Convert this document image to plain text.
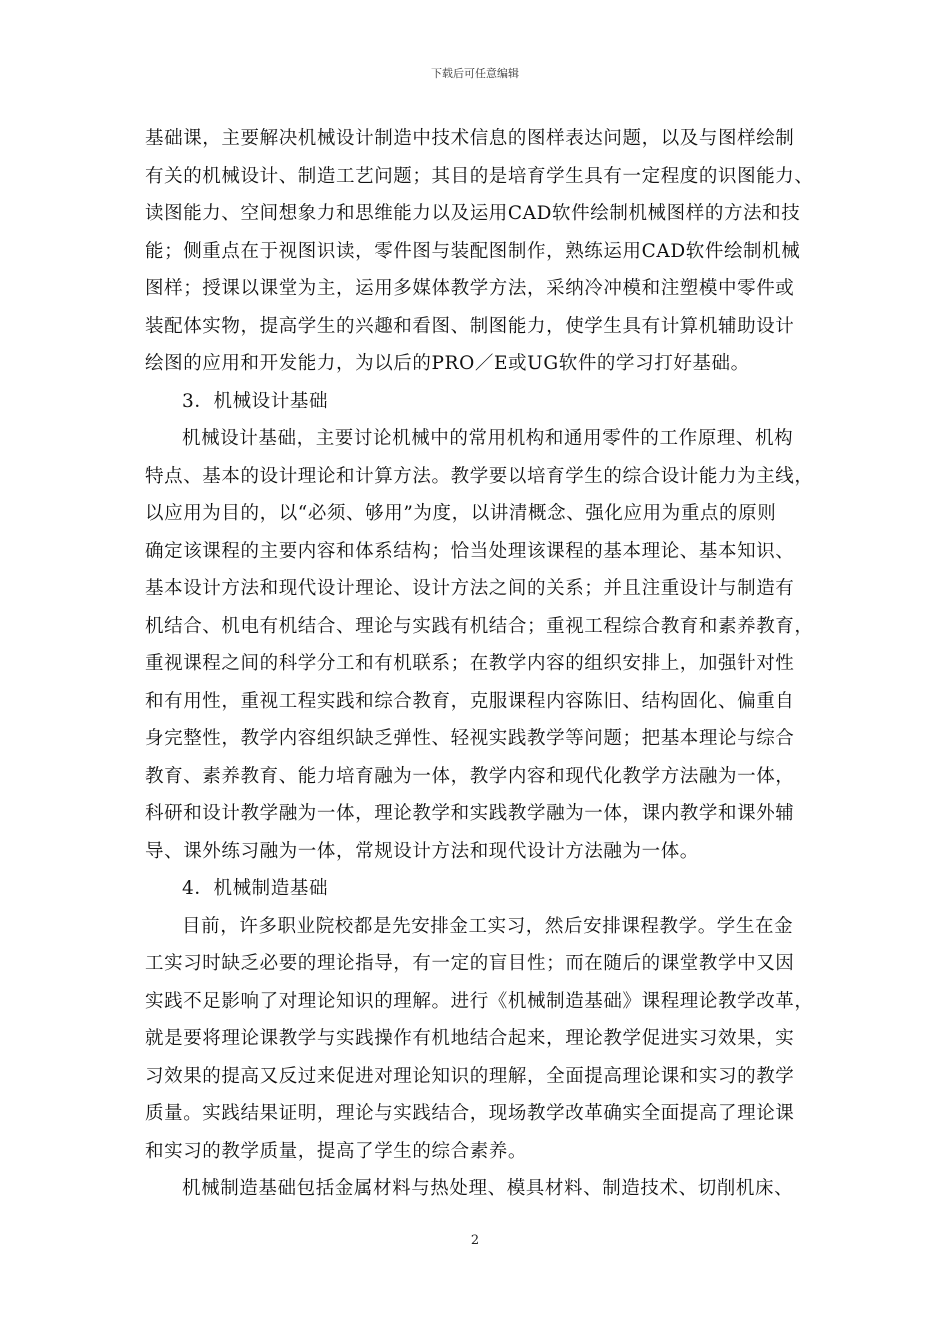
下载后可任意编辑
基础课，主要解决机械设计制造中技术信息的图样表达问题，以及与图样绘制
有关的机械设计、制造工艺问题；其目的是培育学生具有一定程度的识图能力、
读图能力、空间想象力和思维能力以及运用CAD软件绘制机械图样的方法和技
能；侧重点在于视图识读，零件图与装配图制作，熟练运用CAD软件绘制机械
图样；授课以课堂为主，运用多媒体教学方法，采纳冷冲模和注塑模中零件或
装配体实物，提高学生的兴趣和看图、制图能力，使学生具有计算机辅助设计
绘图的应用和开发能力，为以后的PRO／E或UG软件的学习打好基础。
3．机械设计基础
机械设计基础，主要讨论机械中的常用机构和通用零件的工作原理、机构
特点、基本的设计理论和计算方法。教学要以培育学生的综合设计能力为主线，
以应用为目的，以“必须、够用”为度，以讲清概念、强化应用为重点的原则
确定该课程的主要内容和体系结构；恰当处理该课程的基本理论、基本知识、
基本设计方法和现代设计理论、设计方法之间的关系；并且注重设计与制造有
机结合、机电有机结合、理论与实践有机结合；重视工程综合教育和素养教育，
重视课程之间的科学分工和有机联系；在教学内容的组织安排上，加强针对性
和有用性，重视工程实践和综合教育，克服课程内容陈旧、结构固化、偏重自
身完整性，教学内容组织缺乏弹性、轻视实践教学等问题；把基本理论与综合
教育、素养教育、能力培育融为一体，教学内容和现代化教学方法融为一体，
科研和设计教学融为一体，理论教学和实践教学融为一体，课内教学和课外辅
导、课外练习融为一体，常规设计方法和现代设计方法融为一体。
4．机械制造基础
目前，许多职业院校都是先安排金工实习，然后安排课程教学。学生在金
工实习时缺乏必要的理论指导，有一定的盲目性；而在随后的课堂教学中又因
实践不足影响了对理论知识的理解。进行《机械制造基础》课程理论教学改革，
就是要将理论课教学与实践操作有机地结合起来，理论教学促进实习效果，实
习效果的提高又反过来促进对理论知识的理解，全面提高理论课和实习的教学
质量。实践结果证明，理论与实践结合，现场教学改革确实全面提高了理论课
和实习的教学质量，提高了学生的综合素养。
机械制造基础包括金属材料与热处理、模具材料、制造技术、切削机床、
2
